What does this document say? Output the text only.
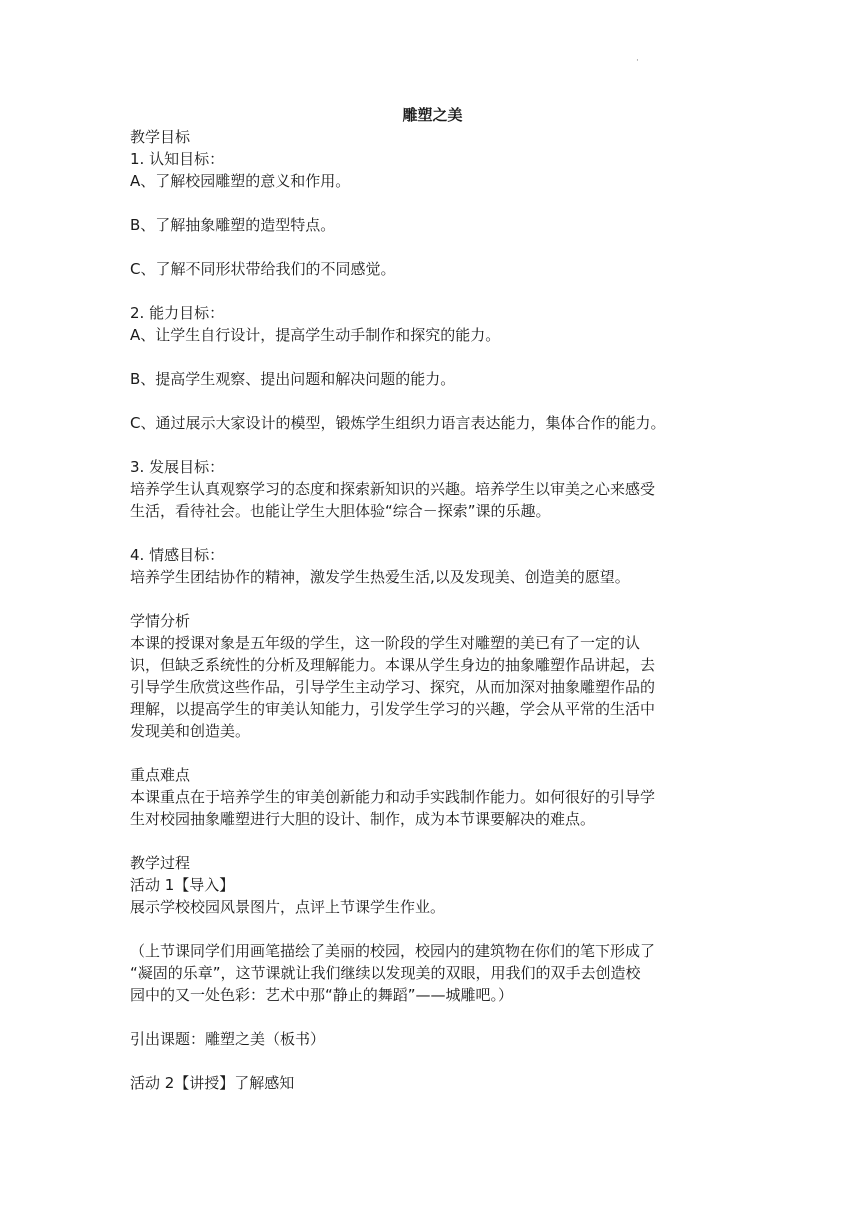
·
雕塑之美
教学目标
1. 认知目标：
A、了解校园雕塑的意义和作用。
B、了解抽象雕塑的造型特点。
C、了解不同形状带给我们的不同感觉。
2. 能力目标：
A、让学生自行设计，提高学生动手制作和探究的能力。
B、提高学生观察、提出问题和解决问题的能力。
C、通过展示大家设计的模型，锻炼学生组织力语言表达能力，集体合作的能力。
3. 发展目标：
培养学生认真观察学习的态度和探索新知识的兴趣。培养学生以审美之心来感受
生活，看待社会。也能让学生大胆体验“综合－探索”课的乐趣。
4. 情感目标：
培养学生团结协作的精神，激发学生热爱生活,以及发现美、创造美的愿望。
学情分析
本课的授课对象是五年级的学生，这一阶段的学生对雕塑的美已有了一定的认
识，但缺乏系统性的分析及理解能力。本课从学生身边的抽象雕塑作品讲起，去
引导学生欣赏这些作品，引导学生主动学习、探究，从而加深对抽象雕塑作品的
理解，以提高学生的审美认知能力，引发学生学习的兴趣，学会从平常的生活中
发现美和创造美。
重点难点
本课重点在于培养学生的审美创新能力和动手实践制作能力。如何很好的引导学
生对校园抽象雕塑进行大胆的设计、制作，成为本节课要解决的难点。
教学过程
活动 1【导入】
展示学校校园风景图片，点评上节课学生作业。
（上节课同学们用画笔描绘了美丽的校园，校园内的建筑物在你们的笔下形成了
“凝固的乐章”，这节课就让我们继续以发现美的双眼，用我们的双手去创造校
园中的又一处色彩：艺术中那“静止的舞蹈”——城雕吧。）
引出课题：雕塑之美（板书）
活动 2【讲授】了解感知
